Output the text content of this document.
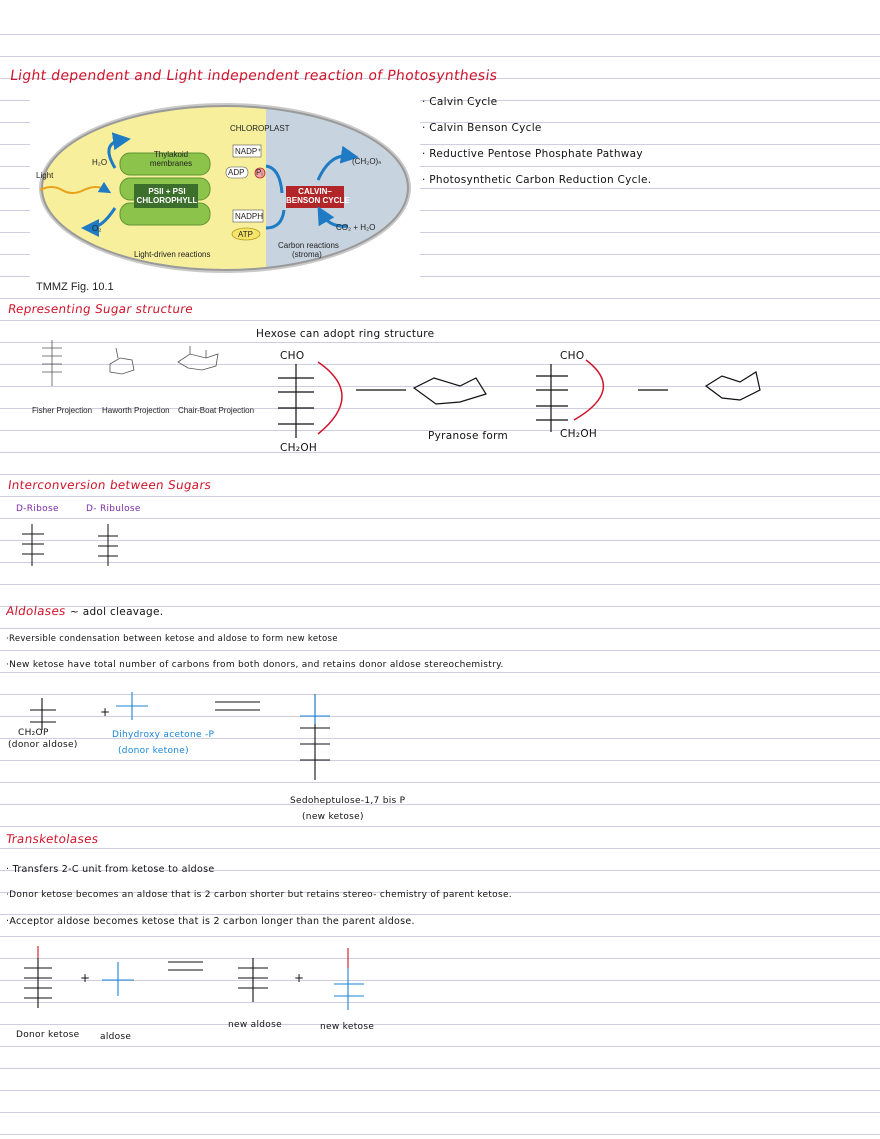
Light dependent and Light independent reaction of Photosynthesis
· Calvin Cycle
· Calvin Benson Cycle
· Reductive Pentose Phosphate Pathway
· Photosynthetic Carbon Reduction Cycle.
CHLOROPLAST
Thylakoid membranes
PSII + PSI
CHLOROPHYLL
CALVIN–
BENSON CYCLE
Light
H₂O
O₂
NADP⁺
ADP Pᵢ
NADPH
ATP
(CH₂O)ₙ
CO₂ + H₂O
Light-driven reactions
Carbon reactions
(stroma)
TMMZ Fig. 10.1
Representing Sugar structure
Fisher Projection Haworth Projection Chair-Boat Projection
Hexose can adopt ring structure
CHO
CH₂OH
Pyranose form
CHO
CH₂OH
Interconversion between Sugars
D-Ribose	D- Ribulose
Aldolases ~ adol cleavage.
·Reversible condensation between ketose and aldose to form new ketose
·New ketose have total number of carbons from both donors, and retains donor aldose stereochemistry.
+
CH₂OP
(donor aldose)
Dihydroxy acetone -P
(donor ketone)
Sedoheptulose-1,7 bis P
(new ketose)
Transketolases
· Transfers 2-C unit from ketose to aldose
·Donor ketose becomes an aldose that is 2 carbon shorter but retains stereo- chemistry of parent ketose.
·Acceptor aldose becomes ketose that is 2 carbon longer than the parent aldose.
+	+
Donor ketose aldose
new aldose	new ketose
